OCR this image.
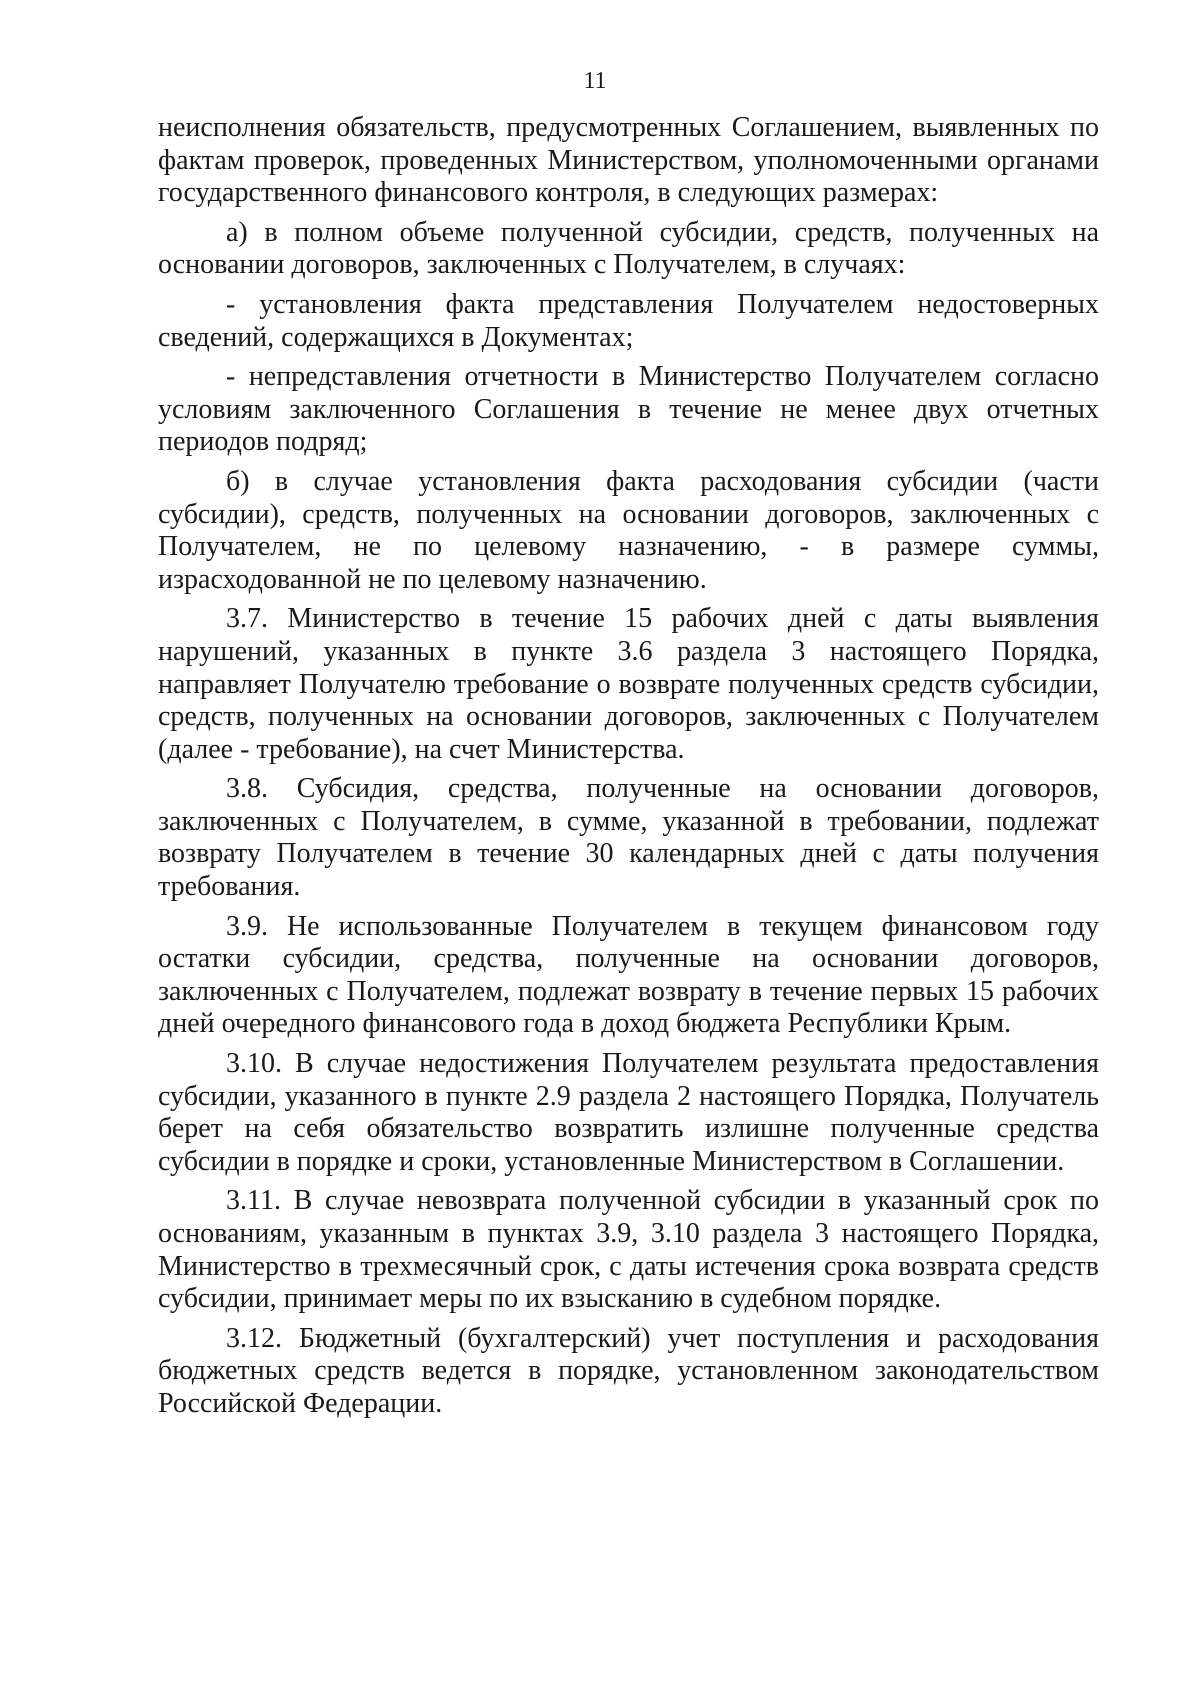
11

неисполнения обязательств, предусмотренных Соглашением, выявленных по фактам проверок, проведенных Министерством, уполномоченными органами государственного финансового контроля, в следующих размерах:

а) в полном объеме полученной субсидии, средств, полученных на основании договоров, заключенных с Получателем, в случаях:

- установления факта представления Получателем недостоверных сведений, содержащихся в Документах;

- непредставления отчетности в Министерство Получателем согласно условиям заключенного Соглашения в течение не менее двух отчетных периодов подряд;

б) в случае установления факта расходования субсидии (части субсидии), средств, полученных на основании договоров, заключенных с Получателем, не по целевому назначению, - в размере суммы, израсходованной не по целевому назначению.

3.7. Министерство в течение 15 рабочих дней с даты выявления нарушений, указанных в пункте 3.6 раздела 3 настоящего Порядка, направляет Получателю требование о возврате полученных средств субсидии, средств, полученных на основании договоров, заключенных с Получателем (далее - требование), на счет Министерства.

3.8. Субсидия, средства, полученные на основании договоров, заключенных с Получателем, в сумме, указанной в требовании, подлежат возврату Получателем в течение 30 календарных дней с даты получения требования.

3.9. Не использованные Получателем в текущем финансовом году остатки субсидии, средства, полученные на основании договоров, заключенных с Получателем, подлежат возврату в течение первых 15 рабочих дней очередного финансового года в доход бюджета Республики Крым.

3.10. В случае недостижения Получателем результата предоставления субсидии, указанного в пункте 2.9 раздела 2 настоящего Порядка, Получатель берет на себя обязательство возвратить излишне полученные средства субсидии в порядке и сроки, установленные Министерством в Соглашении.

3.11. В случае невозврата полученной субсидии в указанный срок по основаниям, указанным в пунктах 3.9, 3.10 раздела 3 настоящего Порядка, Министерство в трехмесячный срок, с даты истечения срока возврата средств субсидии, принимает меры по их взысканию в судебном порядке.

3.12. Бюджетный (бухгалтерский) учет поступления и расходования бюджетных средств ведется в порядке, установленном законодательством Российской Федерации.
